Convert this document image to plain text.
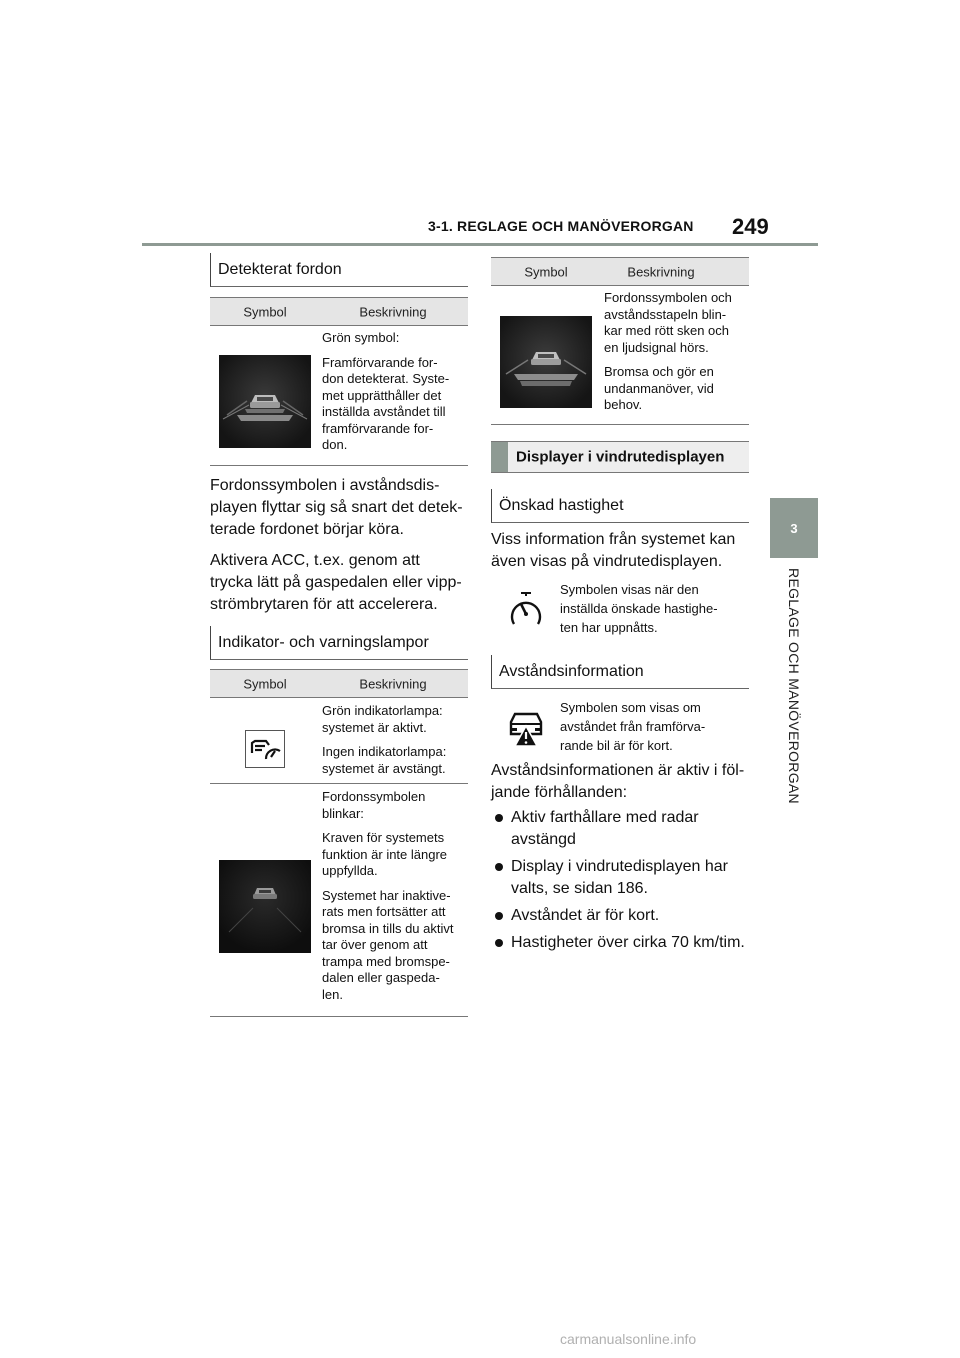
3-1. REGLAGE OCH MANÖVERORGAN 249
3
REGLAGE OCH MANÖVERORGAN
Detekterat fordon
Symbol	Beskrivning

Grön symbol:

Framförvarande for-
don detekterat. Syste-
met upprätthåller det
inställda avståndet till
framförvarande for-
don.

Fordonssymbolen i avståndsdis-
playen flyttar sig så snart det detek-
terade fordonet börjar köra.

Aktivera ACC, t.ex. genom att
trycka lätt på gaspedalen eller vipp-
strömbrytaren för att accelerera.

Indikator- och varningslampor
Symbol	Beskrivning

Grön indikatorlampa:
systemet är aktivt.

Ingen indikatorlampa:
systemet är avstängt.

Fordonssymbolen
blinkar:

Kraven för systemets
funktion är inte längre
uppfyllda.

Systemet har inaktive-
rats men fortsätter att
bromsa in tills du aktivt
tar över genom att
trampa med bromspe-
dalen eller gaspeda-
len.

Symbol	Beskrivning

Fordonssymbolen och
avståndsstapeln blin-
kar med rött sken och
en ljudsignal hörs.

Bromsa och gör en
undanmanöver, vid
behov.

Displayer i vindrutedisplayen
Önskad hastighet

Viss information från systemet kan
även visas på vindrutedisplayen.

Symbolen visas när den
inställda önskade hastighe-
ten har uppnåtts.

Avståndsinformation

Symbolen som visas om
avståndet från framförva-
rande bil är för kort.

Avståndsinformationen är aktiv i föl-
jande förhållanden:

Aktiv farthållare med radar
avstängd
Display i vindrutedisplayen har
valts, se sidan 186.
Avståndet är för kort.
Hastigheter över cirka 70 km/tim.
carmanualsonline.info
